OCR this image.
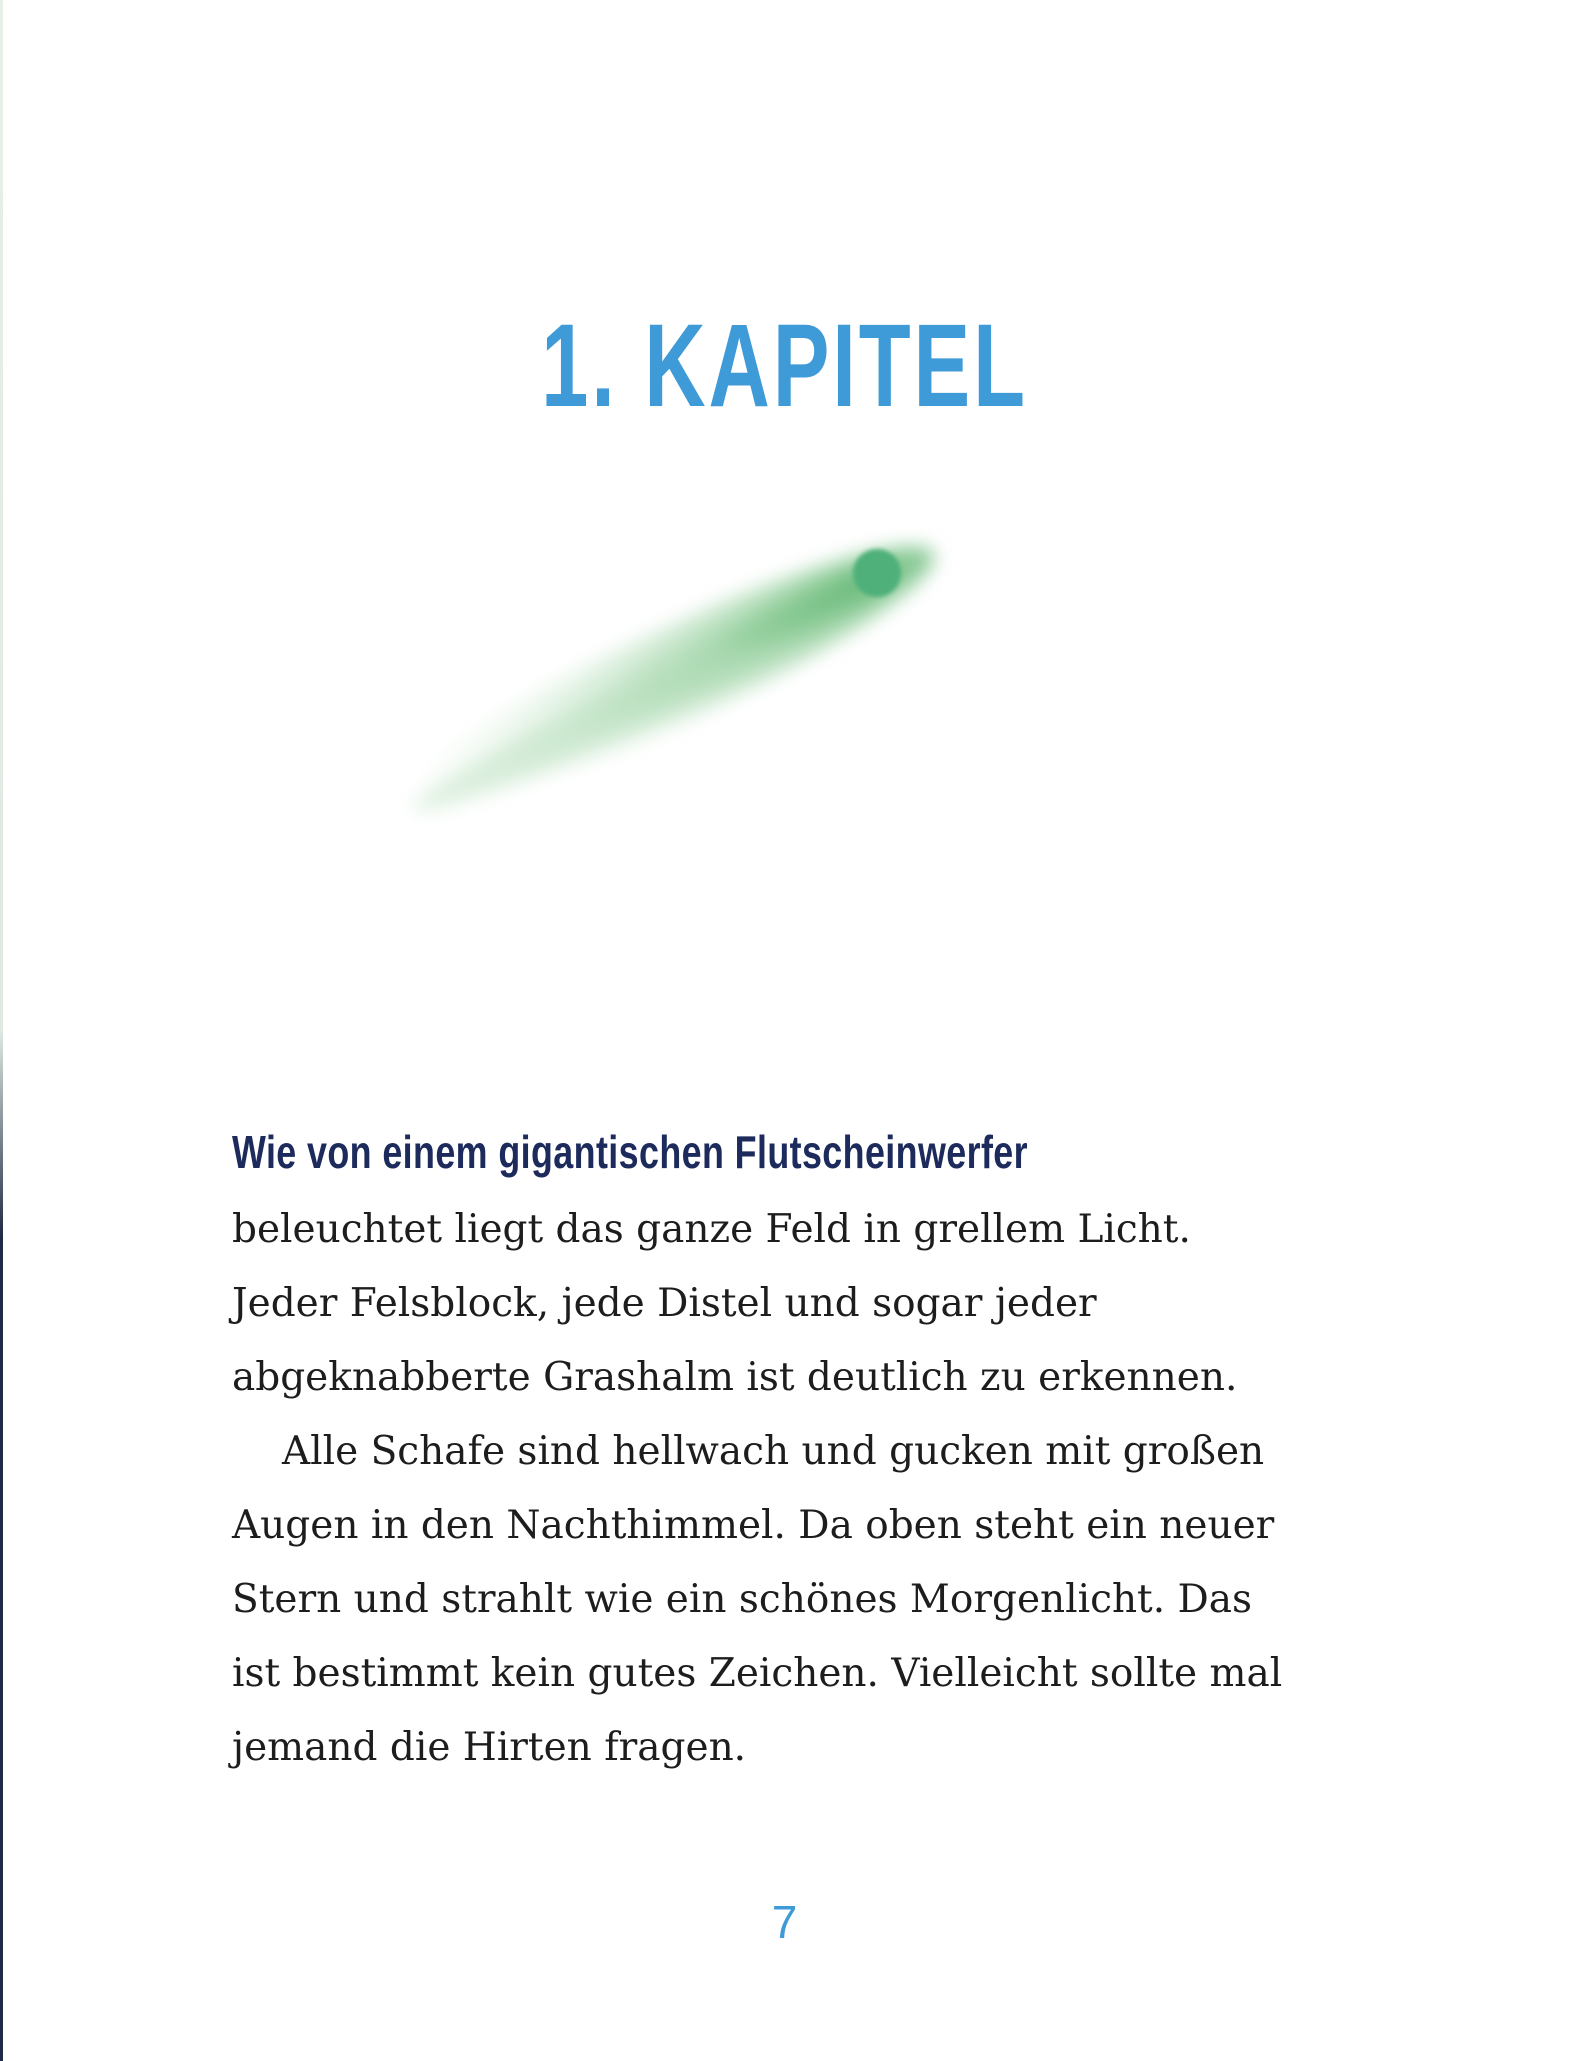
1. KAPITEL

Wie von einem gigantischen Flutscheinwerfer beleuchtet liegt das ganze Feld in grellem Licht. Jeder Felsblock, jede Distel und sogar jeder abgeknabberte Grashalm ist deutlich zu erkennen.

Alle Schafe sind hellwach und gucken mit großen Augen in den Nachthimmel. Da oben steht ein neuer Stern und strahlt wie ein schönes Morgenlicht. Das ist bestimmt kein gutes Zeichen. Vielleicht sollte mal jemand die Hirten fragen.

7
